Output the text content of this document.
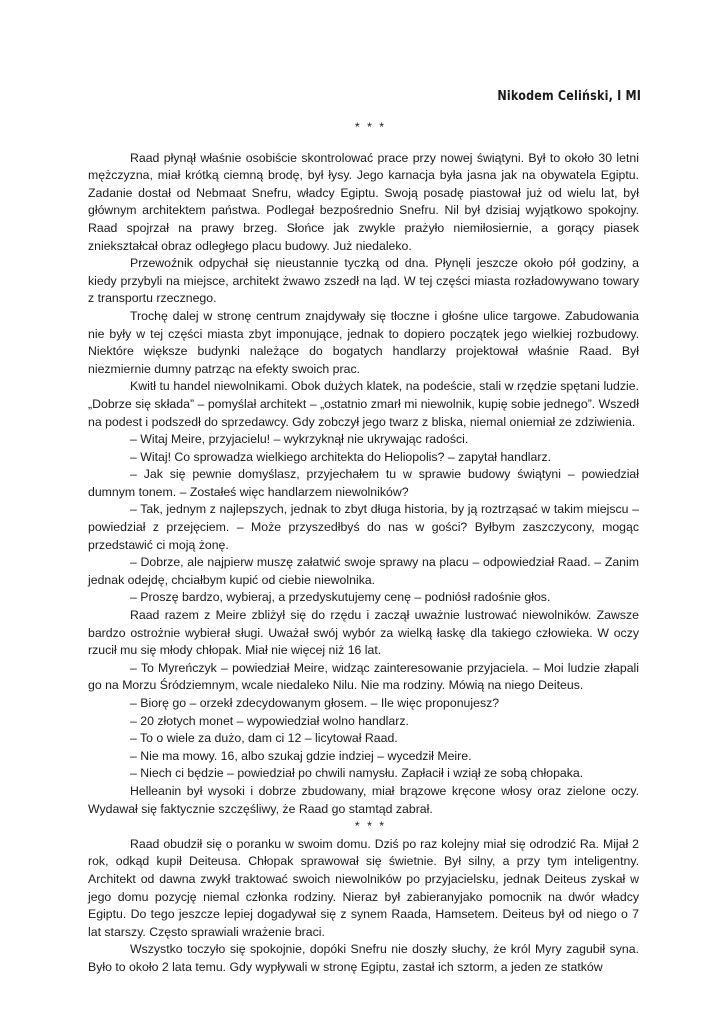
Nikodem Celiński, I MI

* * *

Raad płynął właśnie osobiście skontrolować prace przy nowej świątyni. Był to około 30 letni mężczyzna, miał krótką ciemną brodę, był łysy. Jego karnacja była jasna jak na obywatela Egiptu. Zadanie dostał od Nebmaat Snefru, władcy Egiptu. Swoją posadę piastował już od wielu lat, był głównym architektem państwa. Podlegał bezpośrednio Snefru. Nil był dzisiaj wyjątkowo spokojny. Raad spojrzał na prawy brzeg. Słońce jak zwykle prażyło niemiłosiernie, a gorący piasek zniekształcał obraz odległego placu budowy. Już niedaleko.

Przewoźnik odpychał się nieustannie tyczką od dna. Płynęli jeszcze około pół godziny, a kiedy przybyli na miejsce, architekt żwawo zszedł na ląd. W tej części miasta rozładowywano towary z transportu rzecznego.

Trochę dalej w stronę centrum znajdywały się tłoczne i głośne ulice targowe. Zabudowania nie były w tej części miasta zbyt imponujące, jednak to dopiero początek jego wielkiej rozbudowy. Niektóre większe budynki należące do bogatych handlarzy projektował właśnie Raad. Był niezmiernie dumny patrząc na efekty swoich prac.

Kwitł tu handel niewolnikami. Obok dużych klatek, na podeście, stali w rzędzie spętani ludzie. „Dobrze się składa” – pomyślał architekt – „ostatnio zmarł mi niewolnik, kupię sobie jednego”. Wszedł na podest i podszedł do sprzedawcy. Gdy zobczył jego twarz z bliska, niemal oniemiał ze zdziwienia.

– Witaj Meire, przyjacielu! – wykrzyknął nie ukrywając radości.

– Witaj! Co sprowadza wielkiego architekta do Heliopolis? – zapytał handlarz.

– Jak się pewnie domyślasz, przyjechałem tu w sprawie budowy świątyni – powiedział dumnym tonem. – Zostałeś więc handlarzem niewolników?

– Tak, jednym z najlepszych, jednak to zbyt długa historia, by ją roztrząsać w takim miejscu – powiedział z przejęciem. – Może przyszedłbyś do nas w gości? Byłbym zaszczycony, mogąc przedstawić ci moją żonę.

– Dobrze, ale najpierw muszę załatwić swoje sprawy na placu – odpowiedział Raad. – Zanim jednak odejdę, chciałbym kupić od ciebie niewolnika.

– Proszę bardzo, wybieraj, a przedyskutujemy cenę – podniósł radośnie głos.

Raad razem z Meire zbliżył się do rzędu i zaczął uważnie lustrować niewolników. Zawsze bardzo ostrożnie wybierał sługi. Uważał swój wybór za wielką łaskę dla takiego człowieka. W oczy rzucił mu się młody chłopak. Miał nie więcej niż 16 lat.

– To Myreńczyk – powiedział Meire, widząc zainteresowanie przyjaciela. – Moi ludzie złapali go na Morzu Śródziemnym, wcale niedaleko Nilu. Nie ma rodziny. Mówią na niego Deiteus.

– Biorę go – orzekł zdecydowanym głosem. – Ile więc proponujesz?

– 20 złotych monet – wypowiedział wolno handlarz.

– To o wiele za dużo, dam ci 12 – licytował Raad.

– Nie ma mowy. 16, albo szukaj gdzie indziej – wycedził Meire.

– Niech ci będzie – powiedział po chwili namysłu. Zapłacił i wziął ze sobą chłopaka.

Helleanin był wysoki i dobrze zbudowany, miał brązowe kręcone włosy oraz zielone oczy. Wydawał się faktycznie szczęśliwy, że Raad go stamtąd zabrał.

* * *

Raad obudził się o poranku w swoim domu. Dziś po raz kolejny miał się odrodzić Ra. Mijał 2 rok, odkąd kupił Deiteusa. Chłopak sprawował się świetnie. Był silny, a przy tym inteligentny. Architekt od dawna zwykł traktować swoich niewolników po przyjacielsku, jednak Deiteus zyskał w jego domu pozycję niemal członka rodziny. Nieraz był zabieranyjako pomocnik na dwór władcy Egiptu. Do tego jeszcze lepiej dogadywał się z synem Raada, Hamsetem. Deiteus był od niego o 7 lat starszy. Często sprawiali wrażenie braci.

Wszystko toczyło się spokojnie, dopóki Snefru nie doszły słuchy, że król Myry zagubił syna. Było to około 2 lata temu. Gdy wypływali w stronę Egiptu, zastał ich sztorm, a jeden ze statków
